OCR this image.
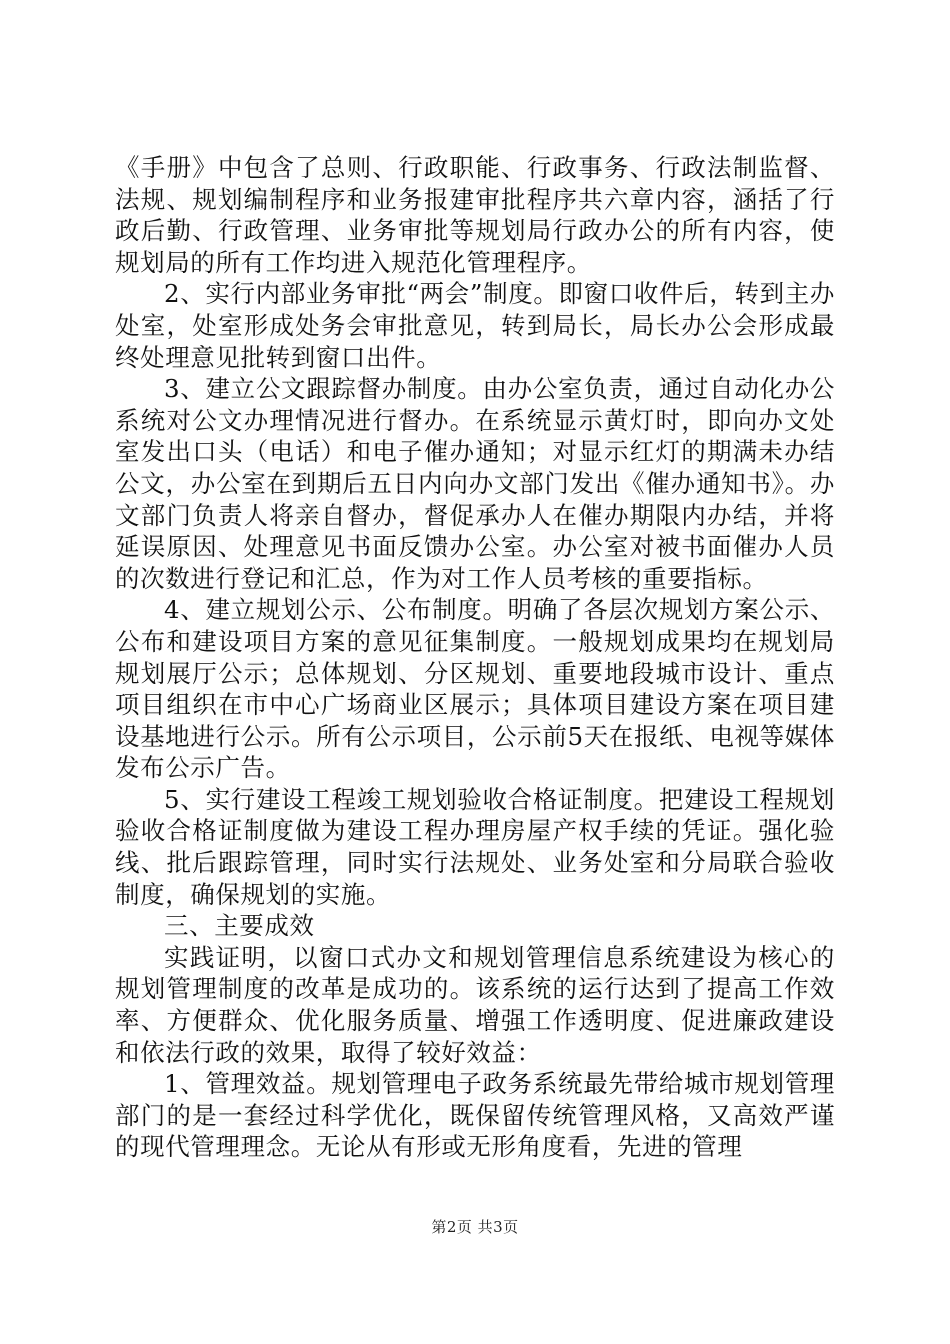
《手册》中包含了总则、行政职能、行政事务、行政法制监督、法规、规划编制程序和业务报建审批程序共六章内容，涵括了行政后勤、行政管理、业务审批等规划局行政办公的所有内容，使规划局的所有工作均进入规范化管理程序。

2、实行内部业务审批“两会”制度。即窗口收件后，转到主办处室，处室形成处务会审批意见，转到局长，局长办公会形成最终处理意见批转到窗口出件。

3、建立公文跟踪督办制度。由办公室负责，通过自动化办公系统对公文办理情况进行督办。在系统显示黄灯时，即向办文处室发出口头（电话）和电子催办通知；对显示红灯的期满未办结公文，办公室在到期后五日内向办文部门发出《催办通知书》。办文部门负责人将亲自督办，督促承办人在催办期限内办结，并将延误原因、处理意见书面反馈办公室。办公室对被书面催办人员的次数进行登记和汇总，作为对工作人员考核的重要指标。

4、建立规划公示、公布制度。明确了各层次规划方案公示、公布和建设项目方案的意见征集制度。一般规划成果均在规划局规划展厅公示；总体规划、分区规划、重要地段城市设计、重点项目组织在市中心广场商业区展示；具体项目建设方案在项目建设基地进行公示。所有公示项目，公示前5天在报纸、电视等媒体发布公示广告。

5、实行建设工程竣工规划验收合格证制度。把建设工程规划验收合格证制度做为建设工程办理房屋产权手续的凭证。强化验线、批后跟踪管理，同时实行法规处、业务处室和分局联合验收制度，确保规划的实施。

三、主要成效

实践证明，以窗口式办文和规划管理信息系统建设为核心的规划管理制度的改革是成功的。该系统的运行达到了提高工作效率、方便群众、优化服务质量、增强工作透明度、促进廉政建设和依法行政的效果，取得了较好效益：

1、管理效益。规划管理电子政务系统最先带给城市规划管理部门的是一套经过科学优化，既保留传统管理风格，又高效严谨的现代管理理念。无论从有形或无形角度看，先进的管理

第2页 共3页
